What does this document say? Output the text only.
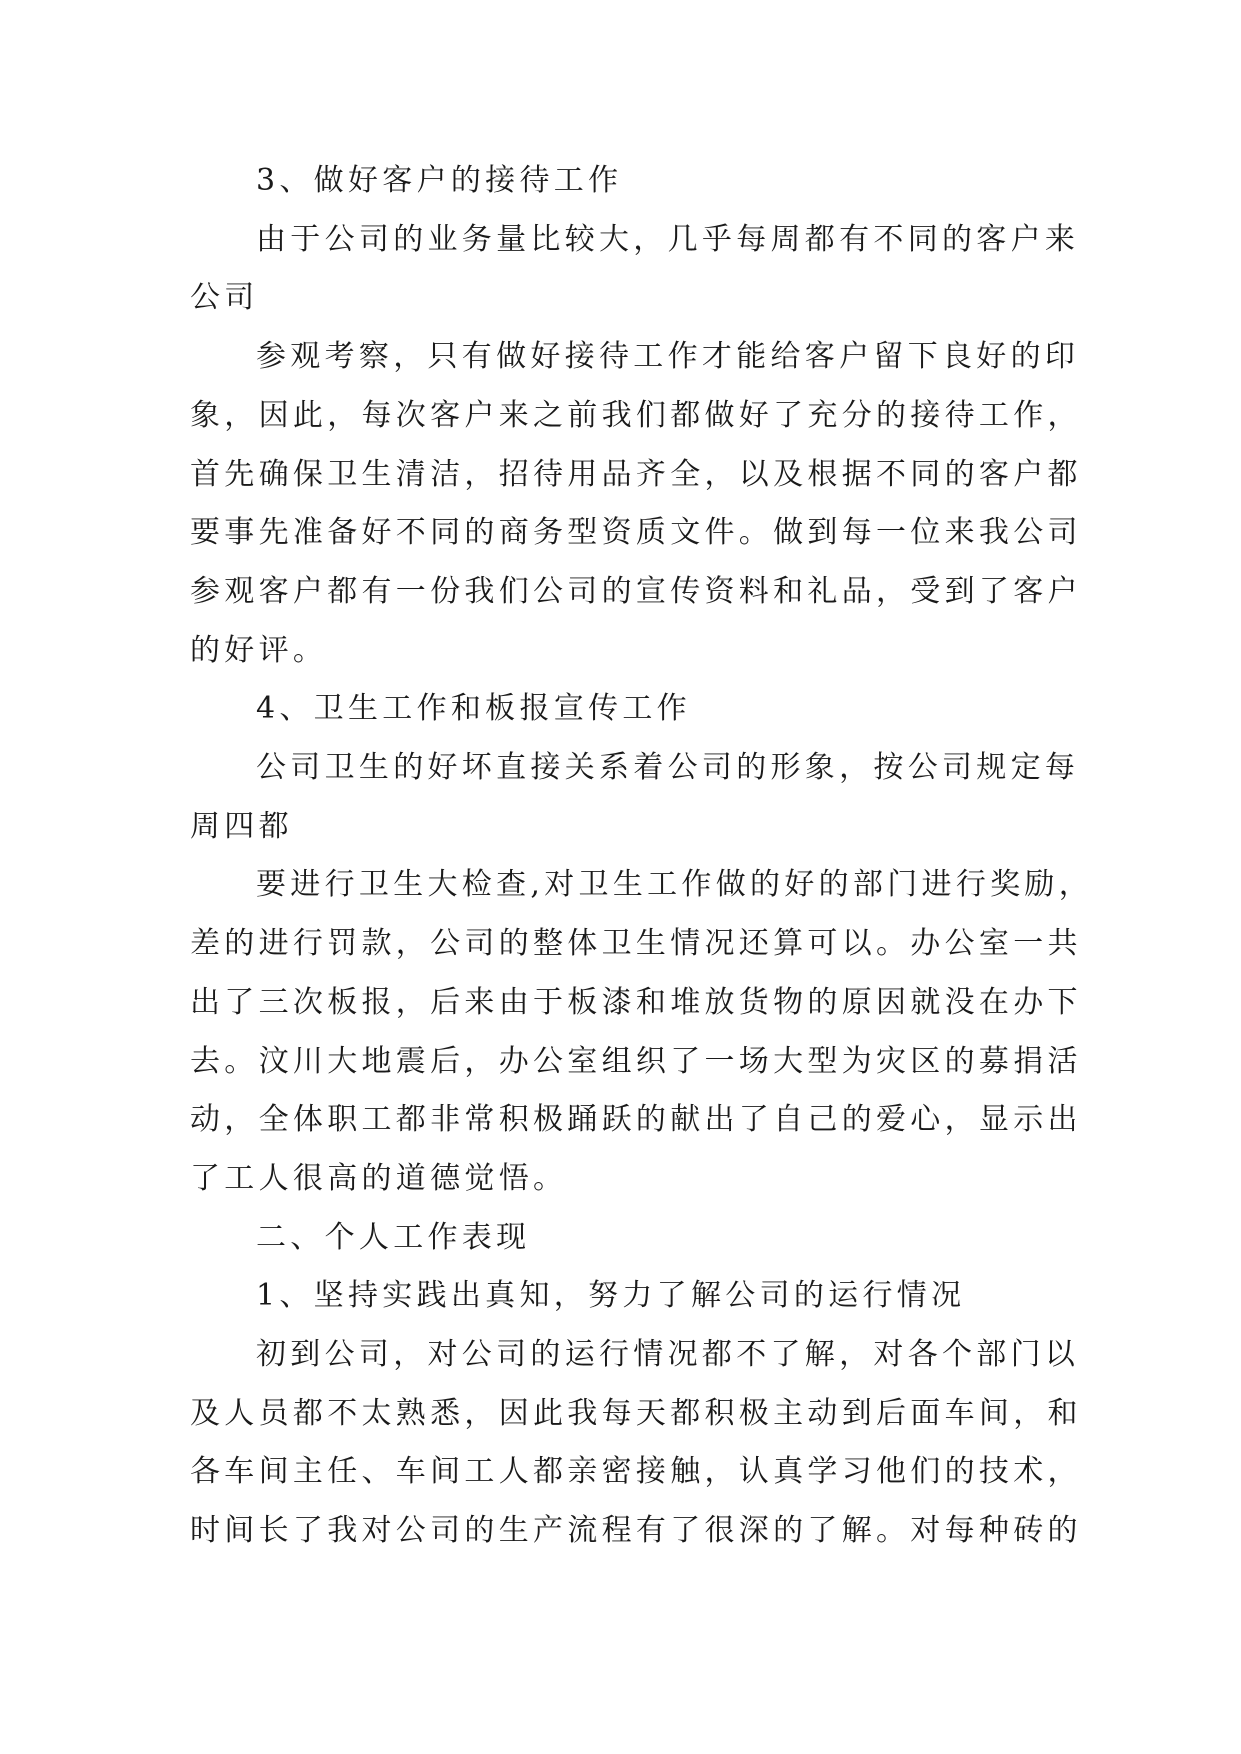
3、做好客户的接待工作

由于公司的业务量比较大，几乎每周都有不同的客户来

公司

参观考察，只有做好接待工作才能给客户留下良好的印

象，因此，每次客户来之前我们都做好了充分的接待工作，

首先确保卫生清洁，招待用品齐全，以及根据不同的客户都

要事先准备好不同的商务型资质文件。做到每一位来我公司

参观客户都有一份我们公司的宣传资料和礼品，受到了客户

的好评。

4、卫生工作和板报宣传工作

公司卫生的好坏直接关系着公司的形象，按公司规定每

周四都

要进行卫生大检查,对卫生工作做的好的部门进行奖励，

差的进行罚款，公司的整体卫生情况还算可以。办公室一共

出了三次板报，后来由于板漆和堆放货物的原因就没在办下

去。汶川大地震后，办公室组织了一场大型为灾区的募捐活

动，全体职工都非常积极踊跃的献出了自己的爱心，显示出

了工人很高的道德觉悟。

二、个人工作表现

1、坚持实践出真知，努力了解公司的运行情况

初到公司，对公司的运行情况都不了解，对各个部门以

及人员都不太熟悉，因此我每天都积极主动到后面车间，和

各车间主任、车间工人都亲密接触，认真学习他们的技术，

时间长了我对公司的生产流程有了很深的了解。对每种砖的
